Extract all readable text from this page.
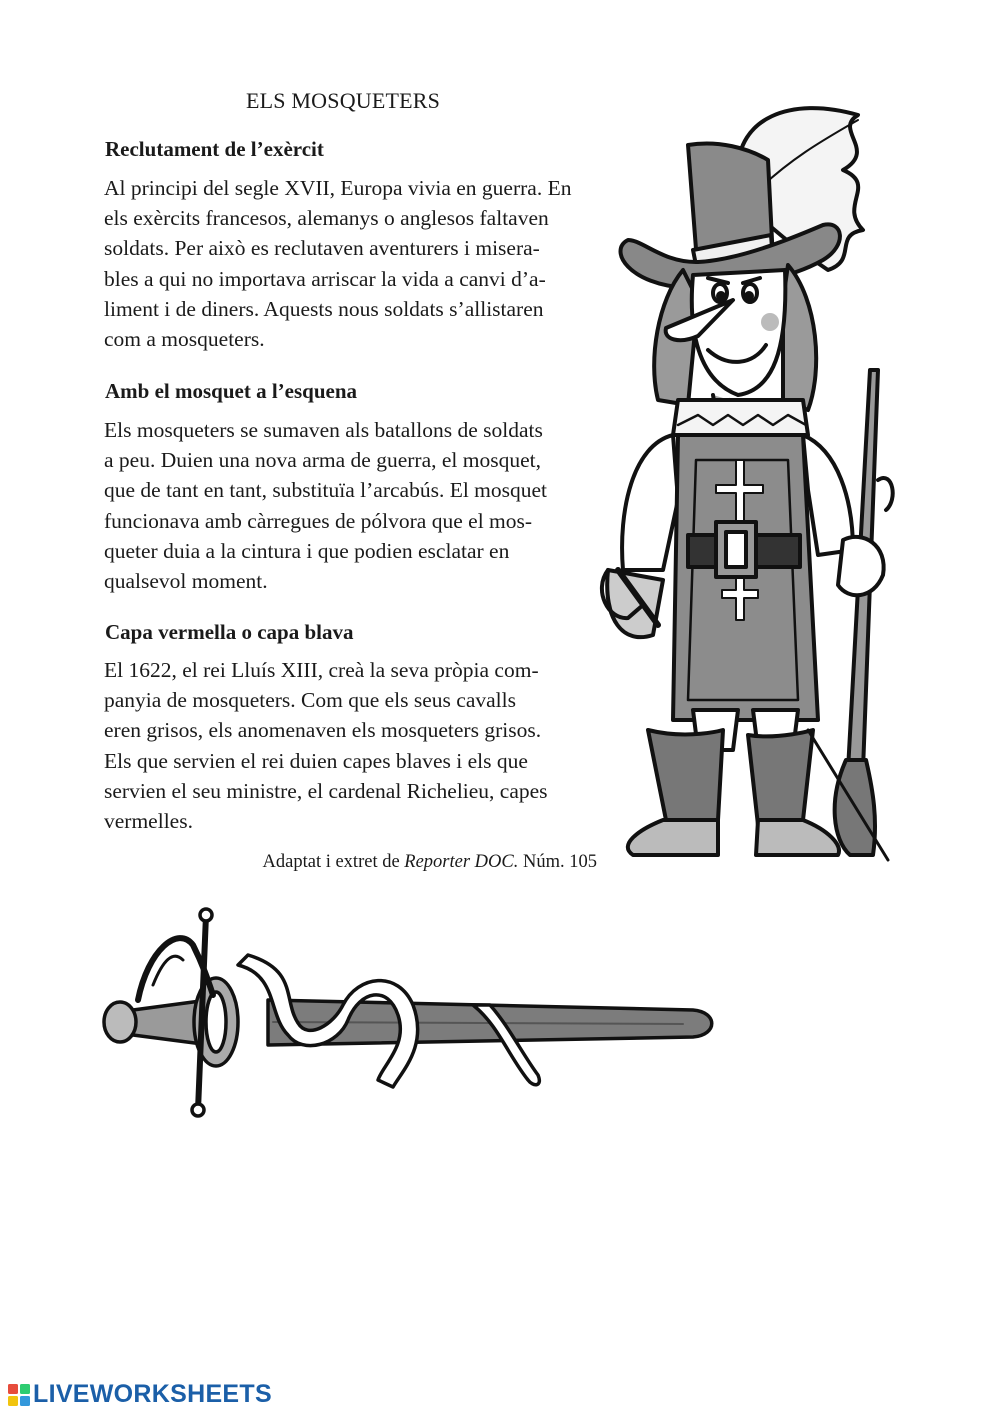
ELS MOSQUETERS
Reclutament de l’exèrcit
Al principi del segle XVII, Europa vivia en guerra. En
els exèrcits francesos, alemanys o anglesos faltaven
soldats. Per això es reclutaven aventurers i misera-
bles a qui no importava arriscar la vida a canvi d’a-
liment i de diners. Aquests nous soldats s’allistaren
com a mosqueters.
Amb el mosquet a l’esquena
Els mosqueters se sumaven als batallons de soldats
a peu. Duien una nova arma de guerra, el mosquet,
que de tant en tant, substituïa l’arcabús. El mosquet
funcionava amb càrregues de pólvora que el mos-
queter duia a la cintura i que podien esclatar en
qualsevol moment.
Capa vermella o capa blava
El 1622, el rei Lluís XIII, creà la seva pròpia com-
panyia de mosqueters. Com que els seus cavalls
eren grisos, els anomenaven els mosqueters grisos.
Els que servien el rei duien capes blaves i els que
servien el seu ministre, el cardenal Richelieu, capes
vermelles.
Adaptat i extret de Reporter DOC. Núm. 105
LIVEWORKSHEETS
